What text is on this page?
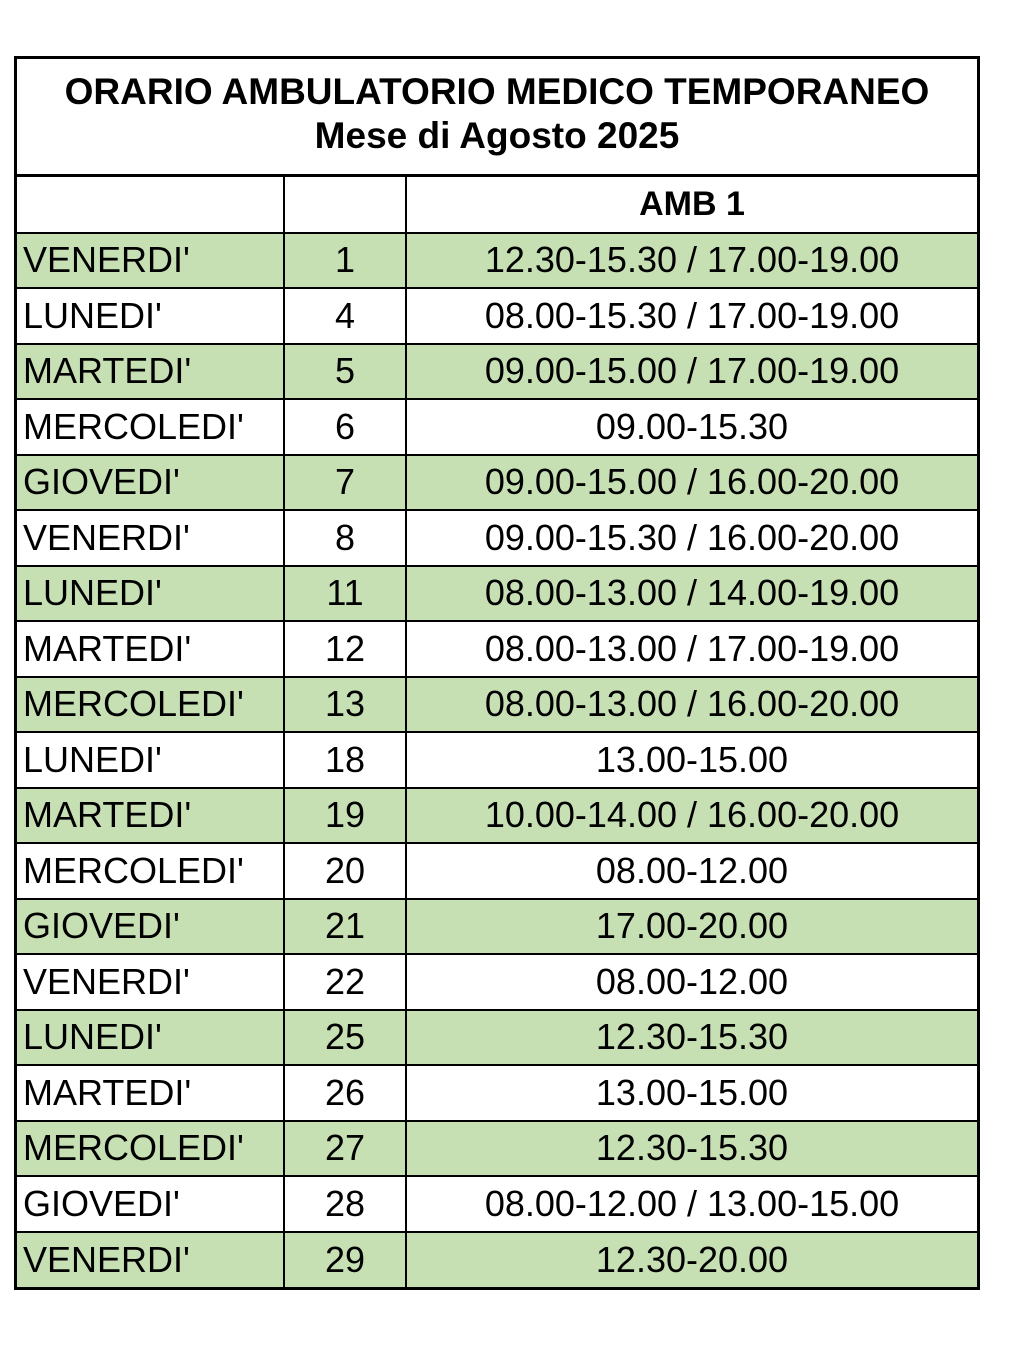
ORARIO AMBULATORIO MEDICO TEMPORANEO
Mese di Agosto 2025
		AMB 1
VENERDI'	1	12.30-15.30 / 17.00-19.00
LUNEDI'	4	08.00-15.30 / 17.00-19.00
MARTEDI'	5	09.00-15.00 / 17.00-19.00
MERCOLEDI'	6	09.00-15.30
GIOVEDI'	7	09.00-15.00 / 16.00-20.00
VENERDI'	8	09.00-15.30 / 16.00-20.00
LUNEDI'	11	08.00-13.00 / 14.00-19.00
MARTEDI'	12	08.00-13.00 / 17.00-19.00
MERCOLEDI'	13	08.00-13.00 / 16.00-20.00
LUNEDI'	18	13.00-15.00
MARTEDI'	19	10.00-14.00 / 16.00-20.00
MERCOLEDI'	20	08.00-12.00
GIOVEDI'	21	17.00-20.00
VENERDI'	22	08.00-12.00
LUNEDI'	25	12.30-15.30
MARTEDI'	26	13.00-15.00
MERCOLEDI'	27	12.30-15.30
GIOVEDI'	28	08.00-12.00 / 13.00-15.00
VENERDI'	29	12.30-20.00
